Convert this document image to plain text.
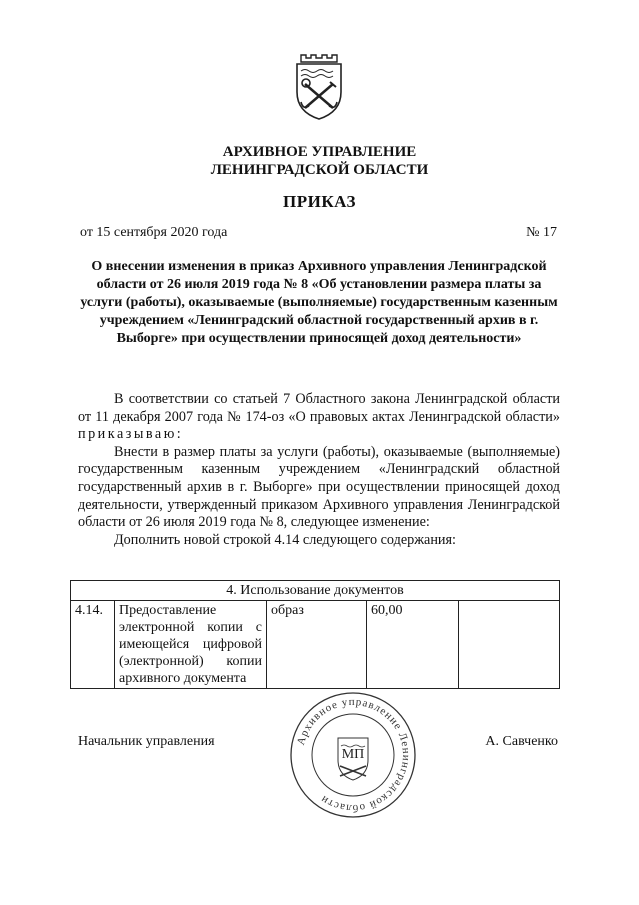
АРХИВНОЕ УПРАВЛЕНИЕ
ЛЕНИНГРАДСКОЙ ОБЛАСТИ
ПРИКАЗ
от 15 сентября 2020 года	№ 17
О внесении изменения в приказ Архивного управления Ленинградской области от 26 июля 2019 года № 8 «Об установлении размера платы за услуги (работы), оказываемые (выполняемые) государственным казенным учреждением «Ленинградский областной государственный архив в г. Выборге» при осуществлении приносящей доход деятельности»

В соответствии со статьей 7 Областного закона Ленинградской области от 11 декабря 2007 года № 174-оз «О правовых актах Ленинградской области» приказываю:

Внести в размер платы за услуги (работы), оказываемые (выполняемые) государственным казенным учреждением «Ленинградский областной государственный архив в г. Выборге» при осуществлении приносящей доход деятельности, утвержденный приказом Архивного управления Ленинградской области от 26 июля 2019 года № 8, следующее изменение:

Дополнить новой строкой 4.14 следующего содержания:

4. Использование документов
4.14.	Предоставление электронной копии с имеющейся цифровой (электронной) копии архивного документа	образ	60,00	
Начальник управления	А. Савченко
Архивное управление Ленинградской области
МП
